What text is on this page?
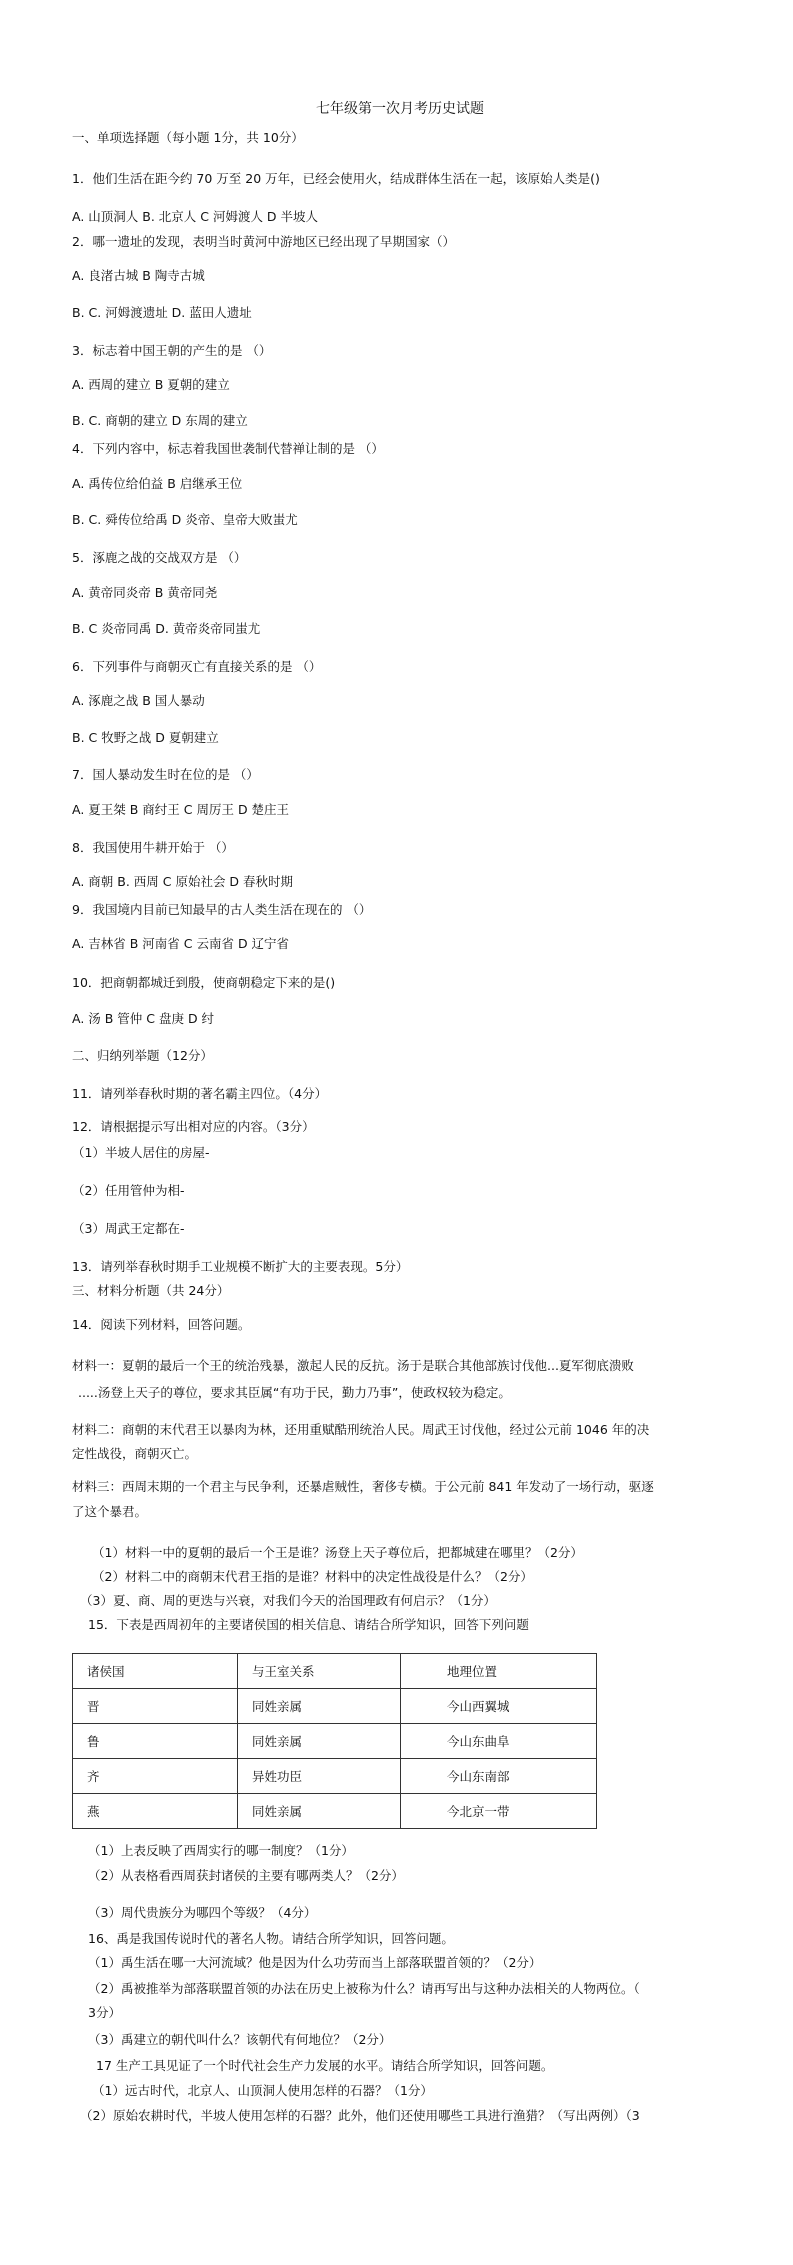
七年级第一次月考历史试题
一、单项选择题（每小题 1分，共 10分）
1．他们生活在距今约 70 万至 20 万年，已经会使用火，结成群体生活在一起，该原始人类是()
A. 山顶洞人 B. 北京人 C 河姆渡人 D 半坡人
2．哪一遗址的发现，表明当时黄河中游地区已经出现了早期国家（）
A. 良渚古城 B 陶寺古城
B. C. 河姆渡遗址 D. 蓝田人遗址
3．标志着中国王朝的产生的是 （）
A. 西周的建立 B 夏朝的建立
B. C. 商朝的建立 D 东周的建立
4．下列内容中，标志着我国世袭制代替禅让制的是 （）
A. 禹传位给伯益 B 启继承王位
B. C. 舜传位给禹 D 炎帝、皇帝大败蚩尤
5．涿鹿之战的交战双方是 （）
A. 黄帝同炎帝 B 黄帝同尧
B. C 炎帝同禹 D. 黄帝炎帝同蚩尤
6．下列事件与商朝灭亡有直接关系的是 （）
A. 涿鹿之战 B 国人暴动
B. C 牧野之战 D 夏朝建立
7．国人暴动发生时在位的是 （）
A. 夏王桀 B 商纣王 C 周厉王 D 楚庄王
8．我国使用牛耕开始于 （）
A. 商朝 B. 西周 C 原始社会 D 春秋时期
9．我国境内目前已知最早的古人类生活在现在的 （）
A. 吉林省 B 河南省 C 云南省 D 辽宁省
10．把商朝都城迁到殷，使商朝稳定下来的是()
A. 汤 B 管仲 C 盘庚 D 纣
二、归纳列举题（12分）
11．请列举春秋时期的著名霸主四位。（4分）
12．请根据提示写出相对应的内容。（3分）
（1）半坡人居住的房屋-
（2）任用管仲为相-
（3）周武王定都在-
13．请列举春秋时期手工业规模不断扩大的主要表现。5分）
三、材料分析题（共 24分）
14．阅读下列材料，回答问题。
材料一：夏朝的最后一个王的统治残暴，激起人民的反抗。汤于是联合其他部族讨伐他...夏军彻底溃败
.....汤登上天子的尊位，要求其臣属“有功于民，勤力乃事”，使政权较为稳定。
材料二：商朝的末代君王以暴肉为林，还用重赋酷刑统治人民。周武王讨伐他，经过公元前 1046 年的决
定性战役，商朝灭亡。
材料三：西周末期的一个君主与民争利，还暴虐贼性，奢侈专横。于公元前 841 年发动了一场行动，驱逐
了这个暴君。
（1）材料一中的夏朝的最后一个王是谁？汤登上天子尊位后，把都城建在哪里？（2分）
（2）材料二中的商朝末代君王指的是谁？材料中的决定性战役是什么？（2分）
（3）夏、商、周的更迭与兴衰，对我们今天的治国理政有何启示？（1分）
15．下表是西周初年的主要诸侯国的相关信息、请结合所学知识，回答下列问题
诸侯国	与王室关系	地理位置
晋	同姓亲属	今山西翼城
鲁	同姓亲属	今山东曲阜
齐	异姓功臣	今山东南部
燕	同姓亲属	今北京一带
（1）上表反映了西周实行的哪一制度？（1分）
（2）从表格看西周获封诸侯的主要有哪两类人？（2分）
（3）周代贵族分为哪四个等级？（4分）
16、禹是我国传说时代的著名人物。请结合所学知识，回答问题。
（1）禹生活在哪一大河流域？他是因为什么功劳而当上部落联盟首领的？（2分）
（2）禹被推举为部落联盟首领的办法在历史上被称为什么？请再写出与这种办法相关的人物两位。（
3分）
（3）禹建立的朝代叫什么？该朝代有何地位？（2分）
17 生产工具见证了一个时代社会生产力发展的水平。请结合所学知识，回答问题。
（1）远古时代，北京人、山顶洞人使用怎样的石器？（1分）
（2）原始农耕时代，半坡人使用怎样的石器？此外，他们还使用哪些工具进行渔猎？（写出两例）（3
